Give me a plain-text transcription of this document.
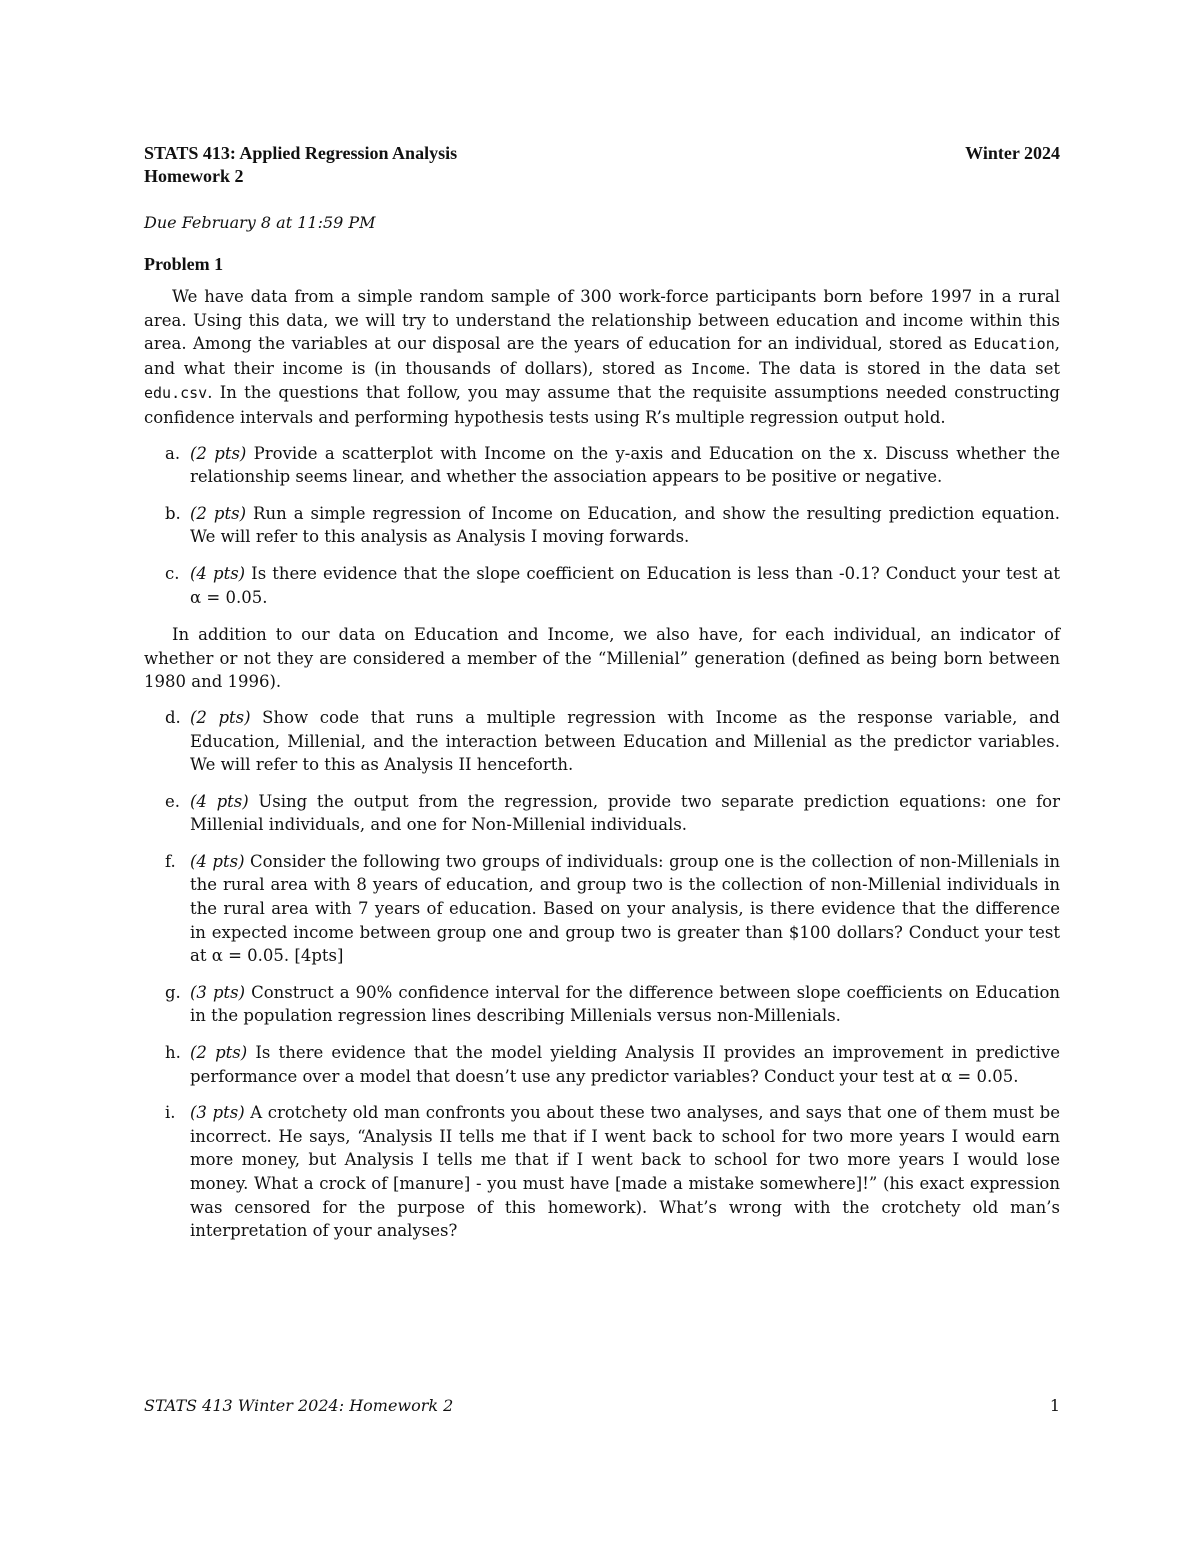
STATS 413: Applied Regression Analysis	Winter 2024
Homework 2
Due February 8 at 11:59 PM
Problem 1

We have data from a simple random sample of 300 work-force participants born before 1997 in a rural area. Using this data, we will try to understand the relationship between education and income within this area. Among the variables at our disposal are the years of education for an individual, stored as Education, and what their income is (in thousands of dollars), stored as Income. The data is stored in the data set edu.csv. In the questions that follow, you may assume that the requisite assumptions needed constructing confidence intervals and performing hypothesis tests using R’s multiple regression output hold.

a. (2 pts) Provide a scatterplot with Income on the y-axis and Education on the x. Discuss whether the relationship seems linear, and whether the association appears to be positive or negative.
b. (2 pts) Run a simple regression of Income on Education, and show the resulting prediction equation. We will refer to this analysis as Analysis I moving forwards.
c. (4 pts) Is there evidence that the slope coefficient on Education is less than -0.1? Conduct your test at α = 0.05.

In addition to our data on Education and Income, we also have, for each individual, an indicator of whether or not they are considered a member of the “Millenial” generation (defined as being born between 1980 and 1996).

d. (2 pts) Show code that runs a multiple regression with Income as the response variable, and Education, Millenial, and the interaction between Education and Millenial as the predictor variables. We will refer to this as Analysis II henceforth.
e. (4 pts) Using the output from the regression, provide two separate prediction equations: one for Millenial individuals, and one for Non-Millenial individuals.
f. (4 pts) Consider the following two groups of individuals: group one is the collection of non-Millenials in the rural area with 8 years of education, and group two is the collection of non-Millenial individuals in the rural area with 7 years of education. Based on your analysis, is there evidence that the difference in expected income between group one and group two is greater than $100 dollars? Conduct your test at α = 0.05. [4pts]
g. (3 pts) Construct a 90% confidence interval for the difference between slope coefficients on Education in the population regression lines describing Millenials versus non-Millenials.
h. (2 pts) Is there evidence that the model yielding Analysis II provides an improvement in predictive performance over a model that doesn’t use any predictor variables? Conduct your test at α = 0.05.
i. (3 pts) A crotchety old man confronts you about these two analyses, and says that one of them must be incorrect. He says, “Analysis II tells me that if I went back to school for two more years I would earn more money, but Analysis I tells me that if I went back to school for two more years I would lose money. What a crock of [manure] - you must have [made a mistake somewhere]!” (his exact expression was censored for the purpose of this homework). What’s wrong with the crotchety old man’s interpretation of your analyses?
STATS 413 Winter 2024: Homework 2	1
